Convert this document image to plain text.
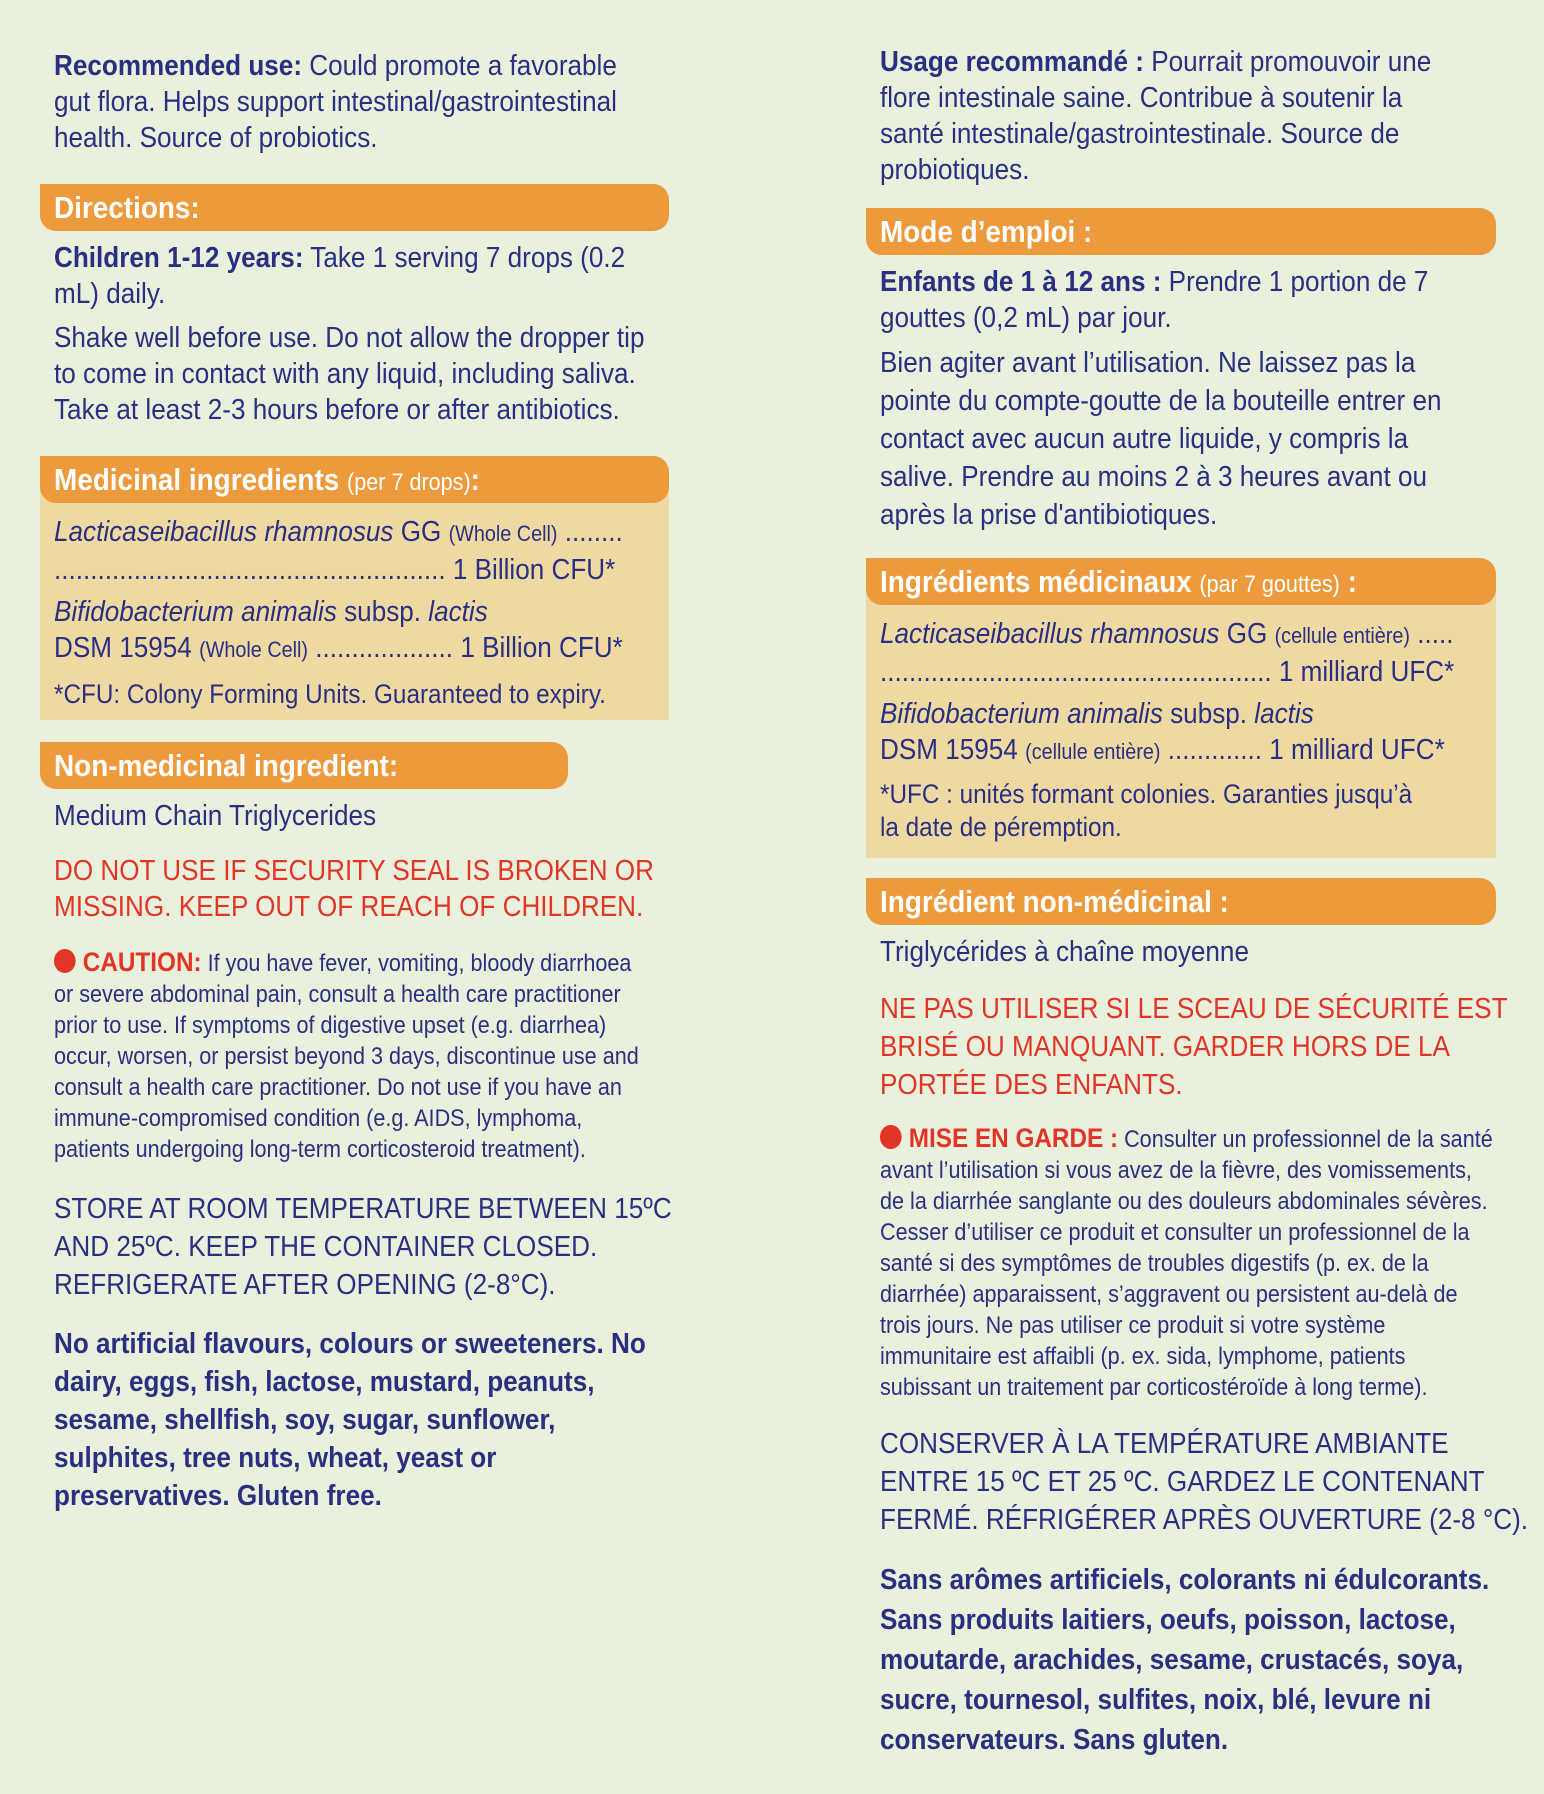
Recommended use: Could promote a favorable

gut flora. Helps support intestinal/gastrointestinal

health. Source of probiotics.

Directions:

Children 1-12 years: Take 1 serving 7 drops (0.2

mL) daily.

Shake well before use. Do not allow the dropper tip

to come in contact with any liquid, including saliva.

Take at least 2-3 hours before or after antibiotics.

Medicinal ingredients (per 7 drops):

Lacticaseibacillus rhamnosus GG (Whole Cell) ........

...................................................... 1 Billion CFU*

Bifidobacterium animalis subsp. lactis

DSM 15954 (Whole Cell) ................... 1 Billion CFU*

*CFU: Colony Forming Units. Guaranteed to expiry.

Non-medicinal ingredient:

Medium Chain Triglycerides

DO NOT USE IF SECURITY SEAL IS BROKEN OR

MISSING. KEEP OUT OF REACH OF CHILDREN.

CAUTION: If you have fever, vomiting, bloody diarrhoea

or severe abdominal pain, consult a health care practitioner

prior to use. If symptoms of digestive upset (e.g. diarrhea)

occur, worsen, or persist beyond 3 days, discontinue use and

consult a health care practitioner. Do not use if you have an

immune-compromised condition (e.g. AIDS, lymphoma,

patients undergoing long-term corticosteroid treatment).

STORE AT ROOM TEMPERATURE BETWEEN 15ºC

AND 25ºC. KEEP THE CONTAINER CLOSED.

REFRIGERATE AFTER OPENING (2-8°C).

No artificial flavours, colours or sweeteners. No

dairy, eggs, fish, lactose, mustard, peanuts,

sesame, shellfish, soy, sugar, sunflower,

sulphites, tree nuts, wheat, yeast or

preservatives. Gluten free.

Usage recommandé : Pourrait promouvoir une

flore intestinale saine. Contribue à soutenir la

santé intestinale/gastrointestinale. Source de

probiotiques.

Mode d’emploi :

Enfants de 1 à 12 ans : Prendre 1 portion de 7

gouttes (0,2 mL) par jour.

Bien agiter avant l’utilisation. Ne laissez pas la

pointe du compte-goutte de la bouteille entrer en

contact avec aucun autre liquide, y compris la

salive. Prendre au moins 2 à 3 heures avant ou

après la prise d'antibiotiques.

Ingrédients médicinaux (par 7 gouttes) :

Lacticaseibacillus rhamnosus GG (cellule entière) .....

...................................................... 1 milliard UFC*

Bifidobacterium animalis subsp. lactis

DSM 15954 (cellule entière) ............. 1 milliard UFC*

*UFC : unités formant colonies. Garanties jusqu’à

la date de péremption.

Ingrédient non-médicinal :

Triglycérides à chaîne moyenne

NE PAS UTILISER SI LE SCEAU DE SÉCURITÉ EST

BRISÉ OU MANQUANT. GARDER HORS DE LA

PORTÉE DES ENFANTS.

MISE EN GARDE : Consulter un professionnel de la santé

avant l’utilisation si vous avez de la fièvre, des vomissements,

de la diarrhée sanglante ou des douleurs abdominales sévères.

Cesser d’utiliser ce produit et consulter un professionnel de la

santé si des symptômes de troubles digestifs (p. ex. de la

diarrhée) apparaissent, s’aggravent ou persistent au-delà de

trois jours. Ne pas utiliser ce produit si votre système

immunitaire est affaibli (p. ex. sida, lymphome, patients

subissant un traitement par corticostéroïde à long terme).

CONSERVER À LA TEMPÉRATURE AMBIANTE

ENTRE 15 ºC ET 25 ºC. GARDEZ LE CONTENANT

FERMÉ. RÉFRIGÉRER APRÈS OUVERTURE (2-8 °C).

Sans arômes artificiels, colorants ni édulcorants.

Sans produits laitiers, oeufs, poisson, lactose,

moutarde, arachides, sesame, crustacés, soya,

sucre, tournesol, sulfites, noix, blé, levure ni

conservateurs. Sans gluten.
